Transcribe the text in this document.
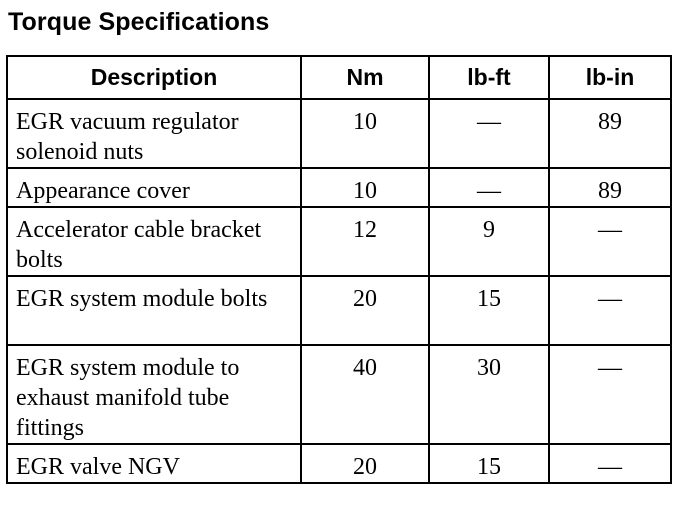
Torque Specifications
Description	Nm	lb-ft	lb-in
EGR vacuum regulator solenoid nuts	10	—	89
Appearance cover	10	—	89
Accelerator cable bracket bolts	12	9	—
EGR system module bolts	20	15	—
EGR system module to exhaust manifold tube fittings	40	30	—
EGR valve NGV	20	15	—
